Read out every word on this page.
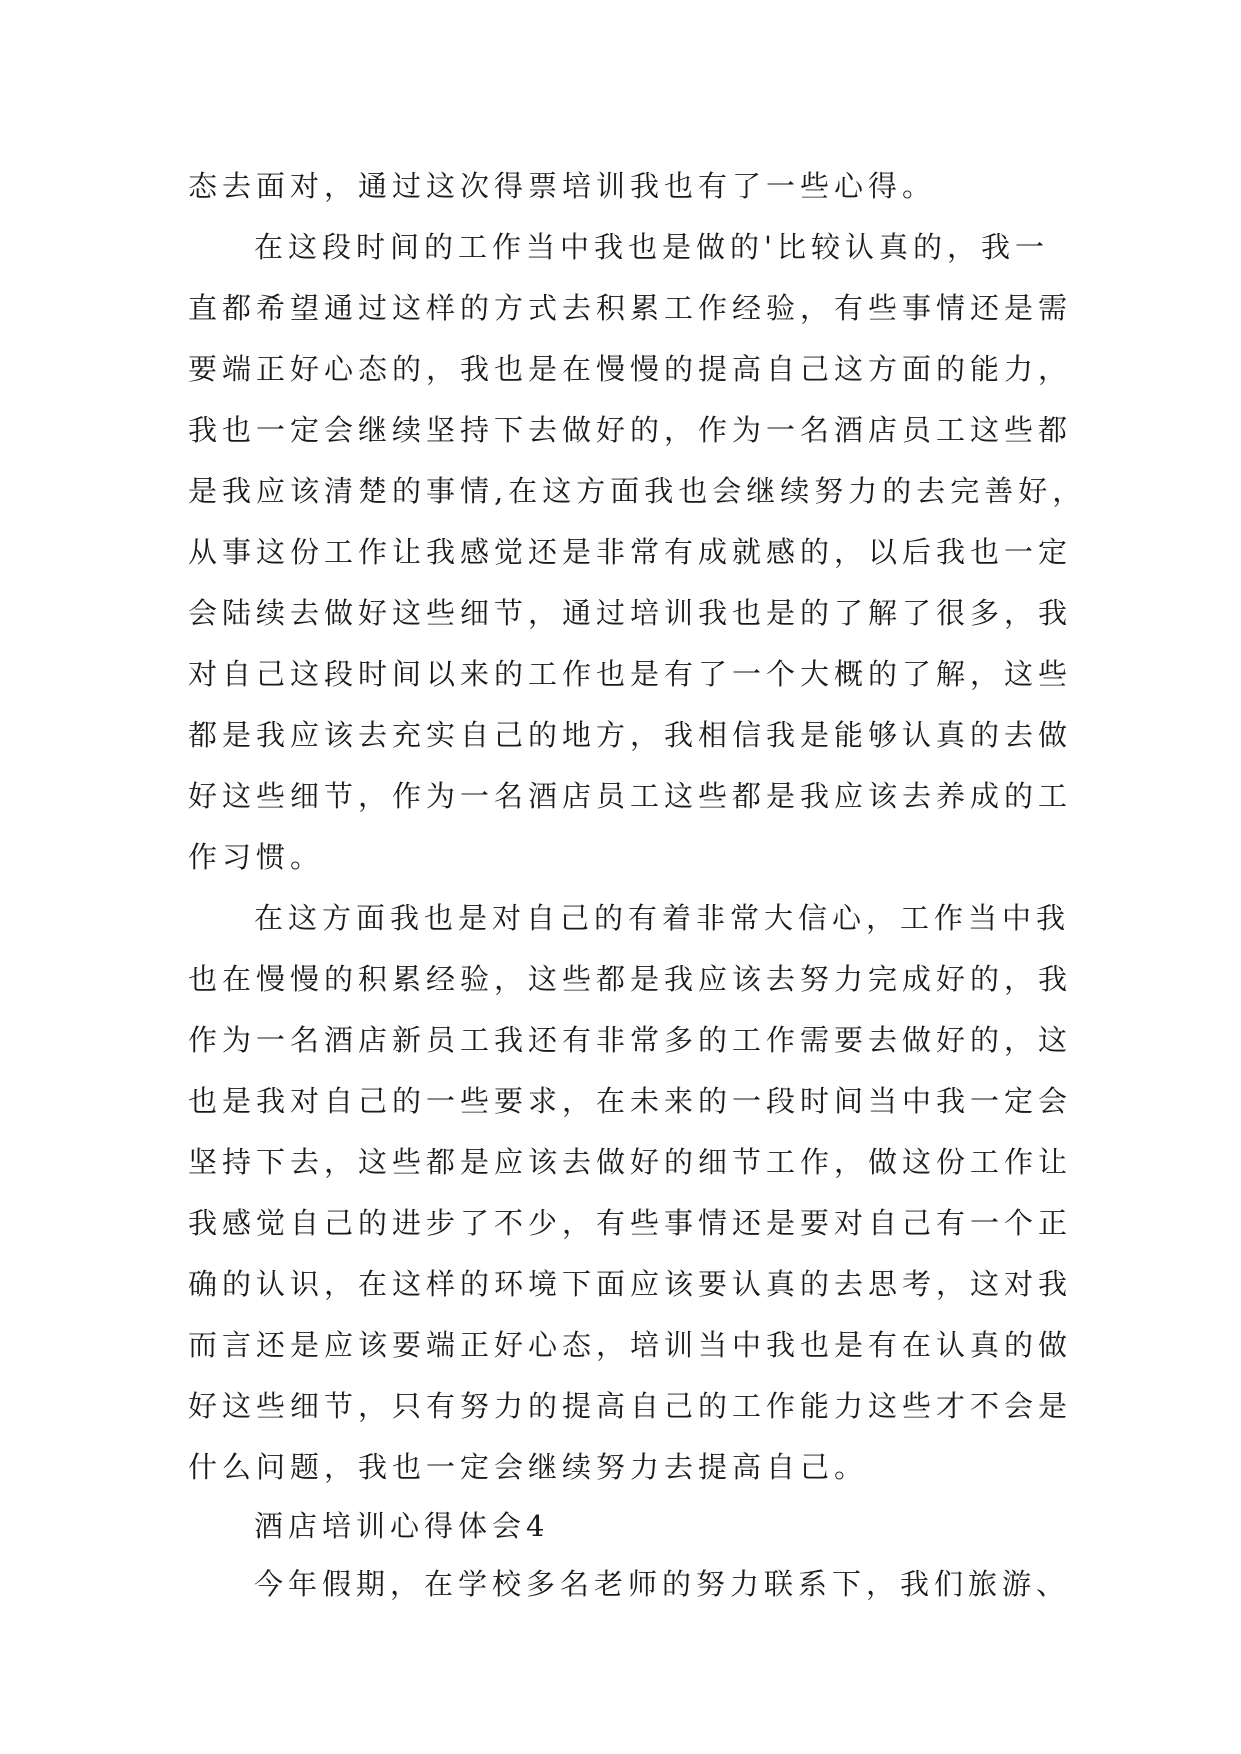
态去面对，通过这次得票培训我也有了一些心得。
在这段时间的工作当中我也是做的'比较认真的，我一
直都希望通过这样的方式去积累工作经验，有些事情还是需
要端正好心态的，我也是在慢慢的提高自己这方面的能力，
我也一定会继续坚持下去做好的，作为一名酒店员工这些都
是我应该清楚的事情,在这方面我也会继续努力的去完善好，
从事这份工作让我感觉还是非常有成就感的，以后我也一定
会陆续去做好这些细节，通过培训我也是的了解了很多，我
对自己这段时间以来的工作也是有了一个大概的了解，这些
都是我应该去充实自己的地方，我相信我是能够认真的去做
好这些细节，作为一名酒店员工这些都是我应该去养成的工
作习惯。
在这方面我也是对自己的有着非常大信心，工作当中我
也在慢慢的积累经验，这些都是我应该去努力完成好的，我
作为一名酒店新员工我还有非常多的工作需要去做好的，这
也是我对自己的一些要求，在未来的一段时间当中我一定会
坚持下去，这些都是应该去做好的细节工作，做这份工作让
我感觉自己的进步了不少，有些事情还是要对自己有一个正
确的认识，在这样的环境下面应该要认真的去思考，这对我
而言还是应该要端正好心态，培训当中我也是有在认真的做
好这些细节，只有努力的提高自己的工作能力这些才不会是
什么问题，我也一定会继续努力去提高自己。
酒店培训心得体会4
今年假期，在学校多名老师的努力联系下，我们旅游、
